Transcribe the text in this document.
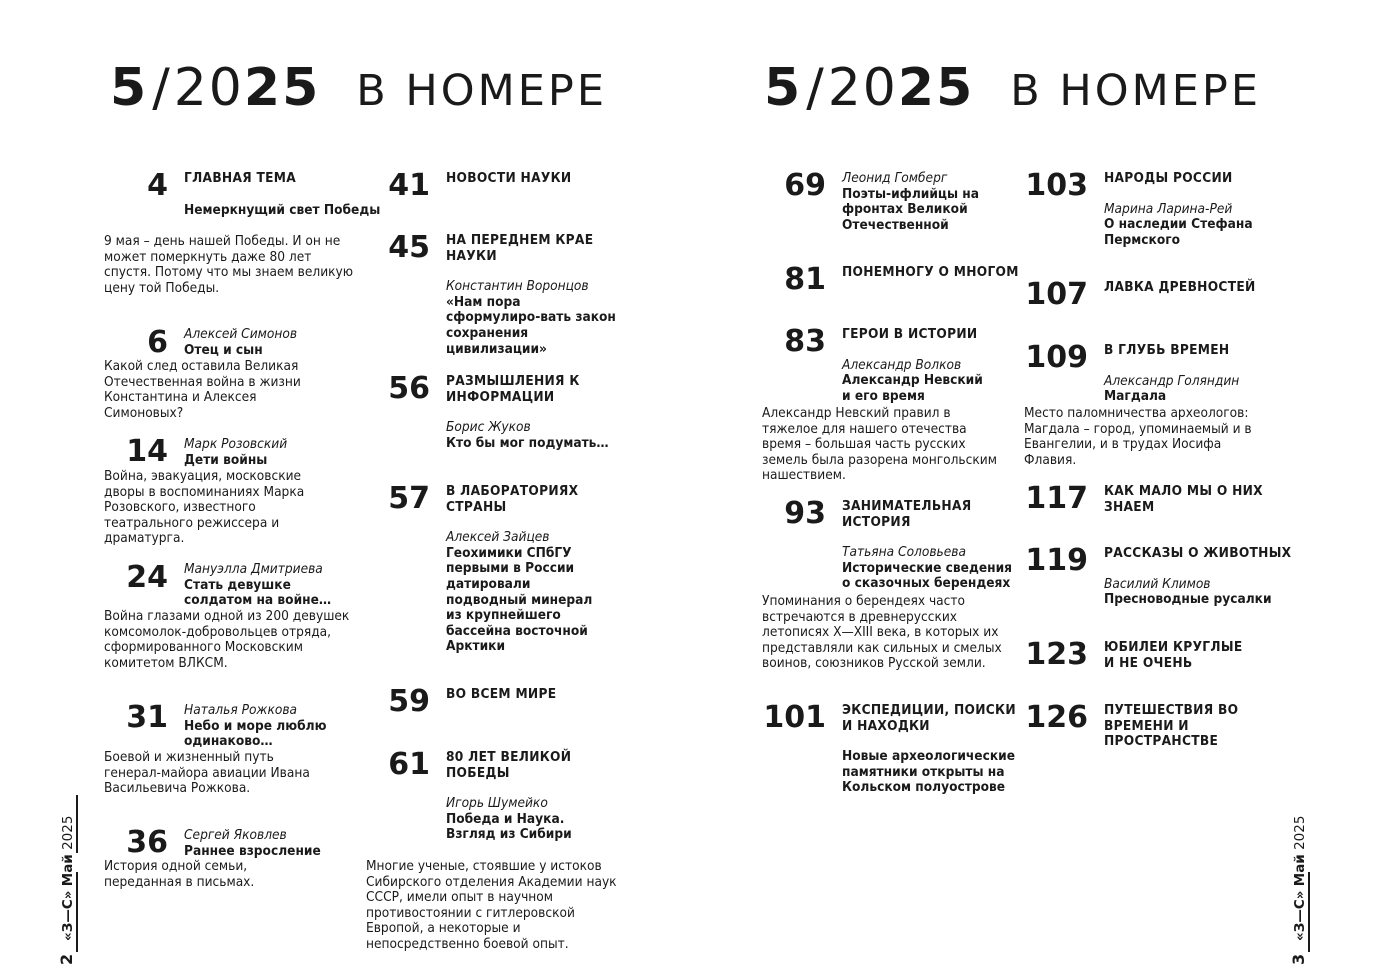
5/2025 В НОМЕРЕ
4 ГЛАВНАЯ ТЕМА
Немеркнущий свет Победы
9 мая – день нашей Победы. И он не может померкнуть даже 80 лет спустя. Потому что мы знаем великую цену той Победы.
6 Алексей Симонов
Отец и сын
Какой след оставила Великая Отечественная война в жизни Константина и Алексея Симоновых?
14 Марк Розовский
Дети войны
Война, эвакуация, московские дворы в воспоминаниях Марка Розовского, известного театрального режиссера и драматурга.
24 Мануэлла Дмитриева
Стать девушке солдатом на войне…
Война глазами одной из 200 девушек комсомолок-добровольцев отряда, сформированного Московским комитетом ВЛКСМ.
31 Наталья Рожкова
Небо и море люблю одинаково…
Боевой и жизненный путь генерал-майора авиации Ивана Васильевича Рожкова.
36 Сергей Яковлев
Раннее взросление
История одной семьи, переданная в письмах.
41 НОВОСТИ НАУКИ
45 НА ПЕРЕДНЕМ КРАЕ НАУКИ
Константин Воронцов
«Нам пора сформулиро-вать закон сохранения цивилизации»
56 РАЗМЫШЛЕНИЯ К ИНФОРМАЦИИ
Борис Жуков
Кто бы мог подумать…
57 В ЛАБОРАТОРИЯХ СТРАНЫ
Алексей Зайцев
Геохимики СПбГУ первыми в России датировали подводный минерал из крупнейшего бассейна восточной Арктики
59 ВО ВСЕМ МИРЕ
61 80 ЛЕТ ВЕЛИКОЙ ПОБЕДЫ
Игорь Шумейко
Победа и Наука. Взгляд из Сибири
Многие ученые, стоявшие у истоков Сибирского отделения Академии наук СССР, имели опыт в научном противостоянии с гитлеровской Европой, а некоторые и непосредственно боевой опыт.
2   «З—С» Май 2025
5/2025 В НОМЕРЕ
69 Леонид Гомберг
Поэты-ифлийцы на фронтах Великой Отечественной
81 ПОНЕМНОГУ О МНОГОМ
83 ГЕРОИ В ИСТОРИИ
Александр Волков
Александр Невский и его время
Александр Невский правил в тяжелое для нашего отечества время – большая часть русских земель была разорена монгольским нашествием.
93 ЗАНИМАТЕЛЬНАЯ ИСТОРИЯ
Татьяна Соловьева
Исторические сведения о сказочных берендеях
Упоминания о берендеях часто встречаются в древнерусских летописях X—XIII века, в которых их представляли как сильных и смелых воинов, союзников Русской земли.
101 ЭКСПЕДИЦИИ, ПОИСКИ И НАХОДКИ
Новые археологические памятники открыты на Кольском полуострове
103 НАРОДЫ РОССИИ
Марина Ларина-Рей
О наследии Стефана Пермского
107 ЛАВКА ДРЕВНОСТЕЙ
109 В ГЛУБЬ ВРЕМЕН
Александр Голяндин
Магдала
Место паломничества археологов: Магдала – город, упоминаемый и в Евангелии, и в трудах Иосифа Флавия.
117 КАК МАЛО МЫ О НИХ ЗНАЕМ
119 РАССКАЗЫ О ЖИВОТНЫХ
Василий Климов
Пресноводные русалки
123 ЮБИЛЕИ КРУГЛЫЕ И НЕ ОЧЕНЬ
126 ПУТЕШЕСТВИЯ ВО ВРЕМЕНИ И ПРОСТРАНСТВЕ
3   «З—С» Май 2025
